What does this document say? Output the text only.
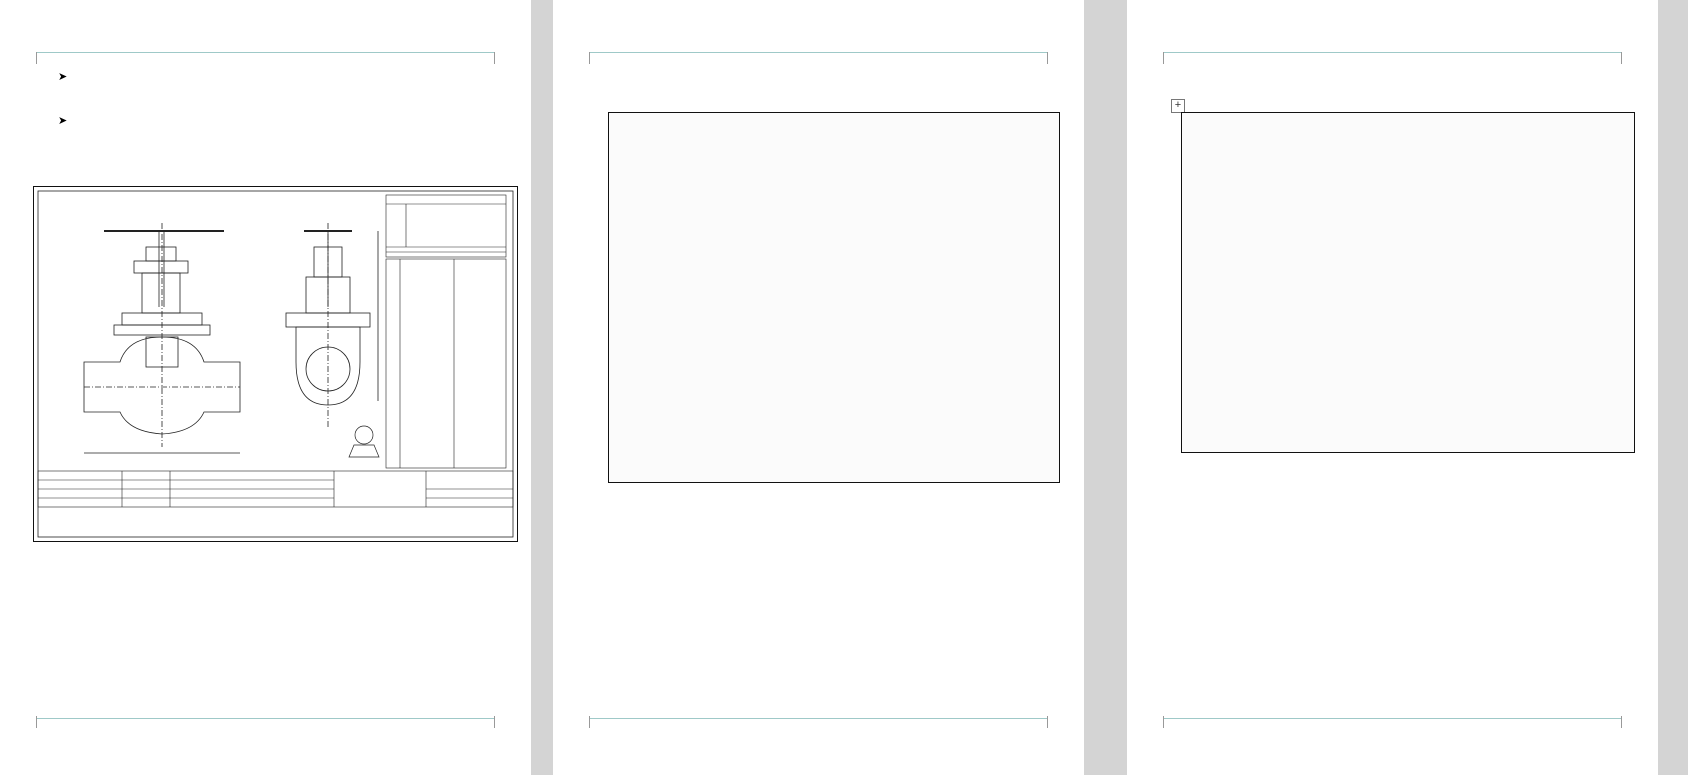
➤
➤
+
